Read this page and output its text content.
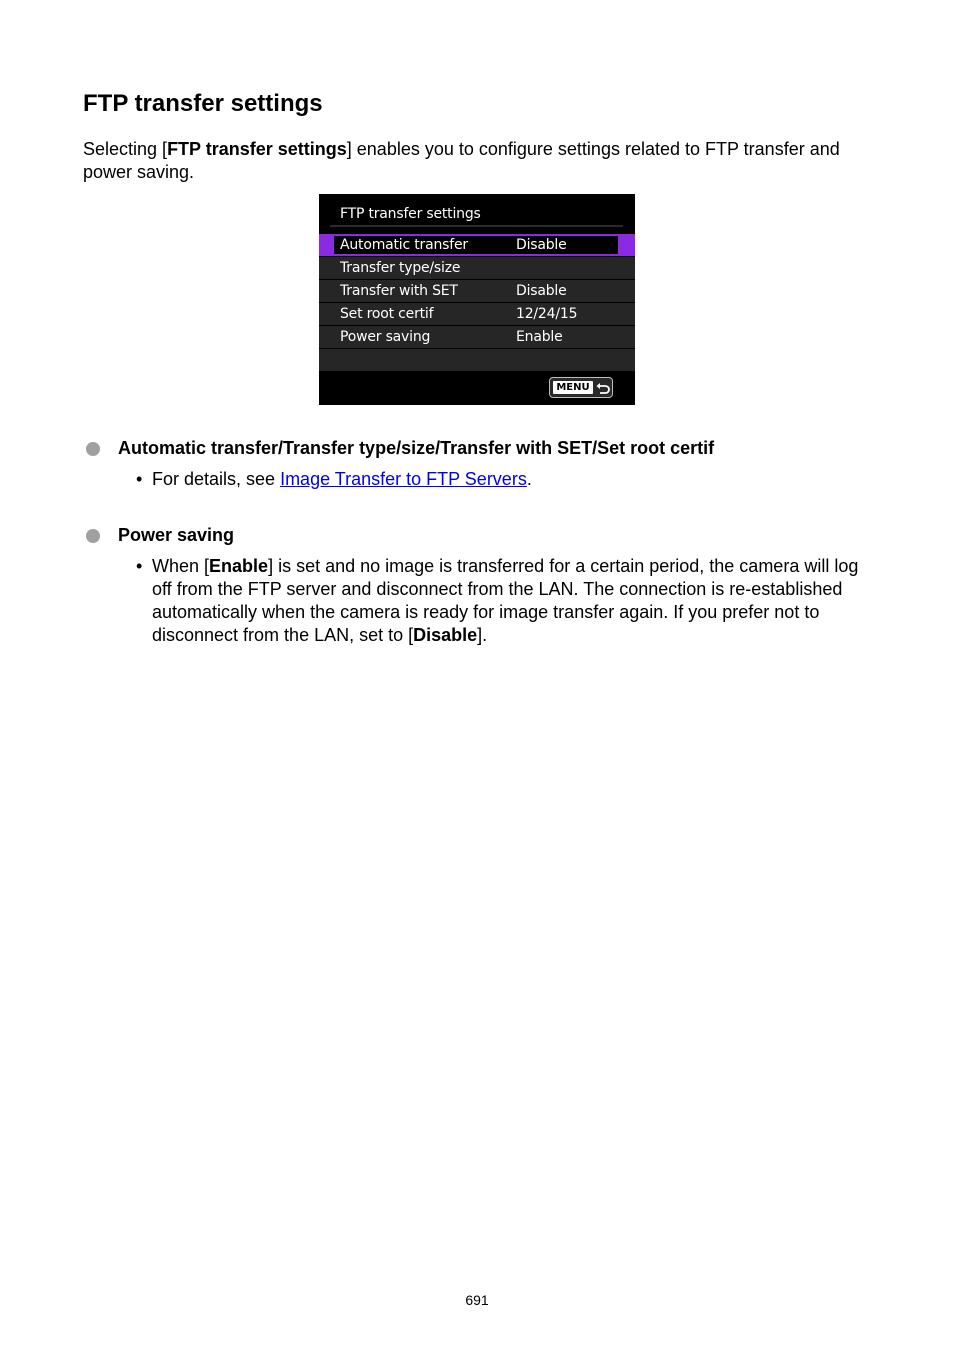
FTP transfer settings

Selecting [FTP transfer settings] enables you to configure settings related to FTP transfer and power saving.

FTP transfer settings
Automatic transfer	Disable
Transfer type/size
Transfer with SET	Disable
Set root certif	12/24/15
Power saving	Enable
MENU
Automatic transfer/Transfer type/size/Transfer with SET/Set root certif

• For details, see Image Transfer to FTP Servers.

Power saving

• When [Enable] is set and no image is transferred for a certain period, the camera will log off from the FTP server and disconnect from the LAN. The connection is re-established automatically when the camera is ready for image transfer again. If you prefer not to disconnect from the LAN, set to [Disable].

691
